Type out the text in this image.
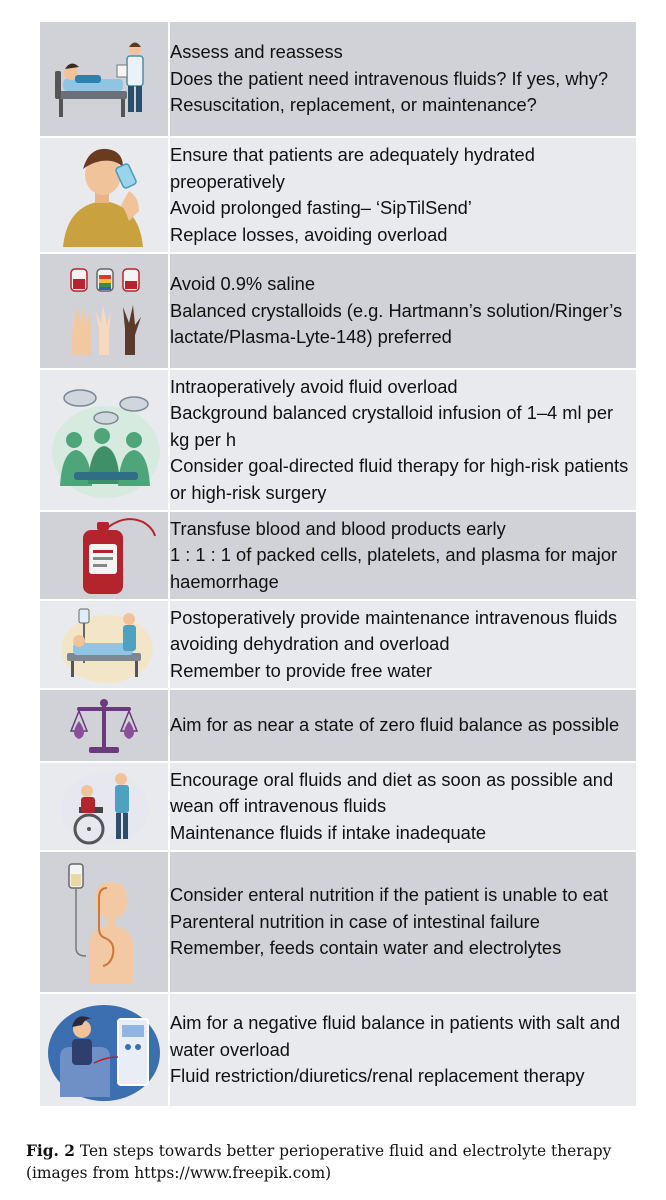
Assess and reassess
Does the patient need intravenous fluids? If yes, why?
Resuscitation, replacement, or maintenance?

Ensure that patients are adequately hydrated preoperatively
Avoid prolonged fasting– ‘SipTilSend’
Replace losses, avoiding overload

Avoid 0.9% saline
Balanced crystalloids (e.g. Hartmann’s solution/Ringer’s lactate/Plasma-Lyte-148) preferred

Intraoperatively avoid fluid overload
Background balanced crystalloid infusion of 1–4 ml per kg per h
Consider goal-directed fluid therapy for high-risk patients or high-risk surgery

Transfuse blood and blood products early
1 : 1 : 1 of packed cells, platelets, and plasma for major haemorrhage

Postoperatively provide maintenance intravenous fluids avoiding dehydration and overload
Remember to provide free water

Aim for as near a state of zero fluid balance as possible

Encourage oral fluids and diet as soon as possible and wean off intravenous fluids
Maintenance fluids if intake inadequate

Consider enteral nutrition if the patient is unable to eat
Parenteral nutrition in case of intestinal failure
Remember, feeds contain water and electrolytes

Aim for a negative fluid balance in patients with salt and water overload
Fluid restriction/diuretics/renal replacement therapy
Fig. 2 Ten steps towards better perioperative fluid and electrolyte therapy (images from https://www.freepik.com)
